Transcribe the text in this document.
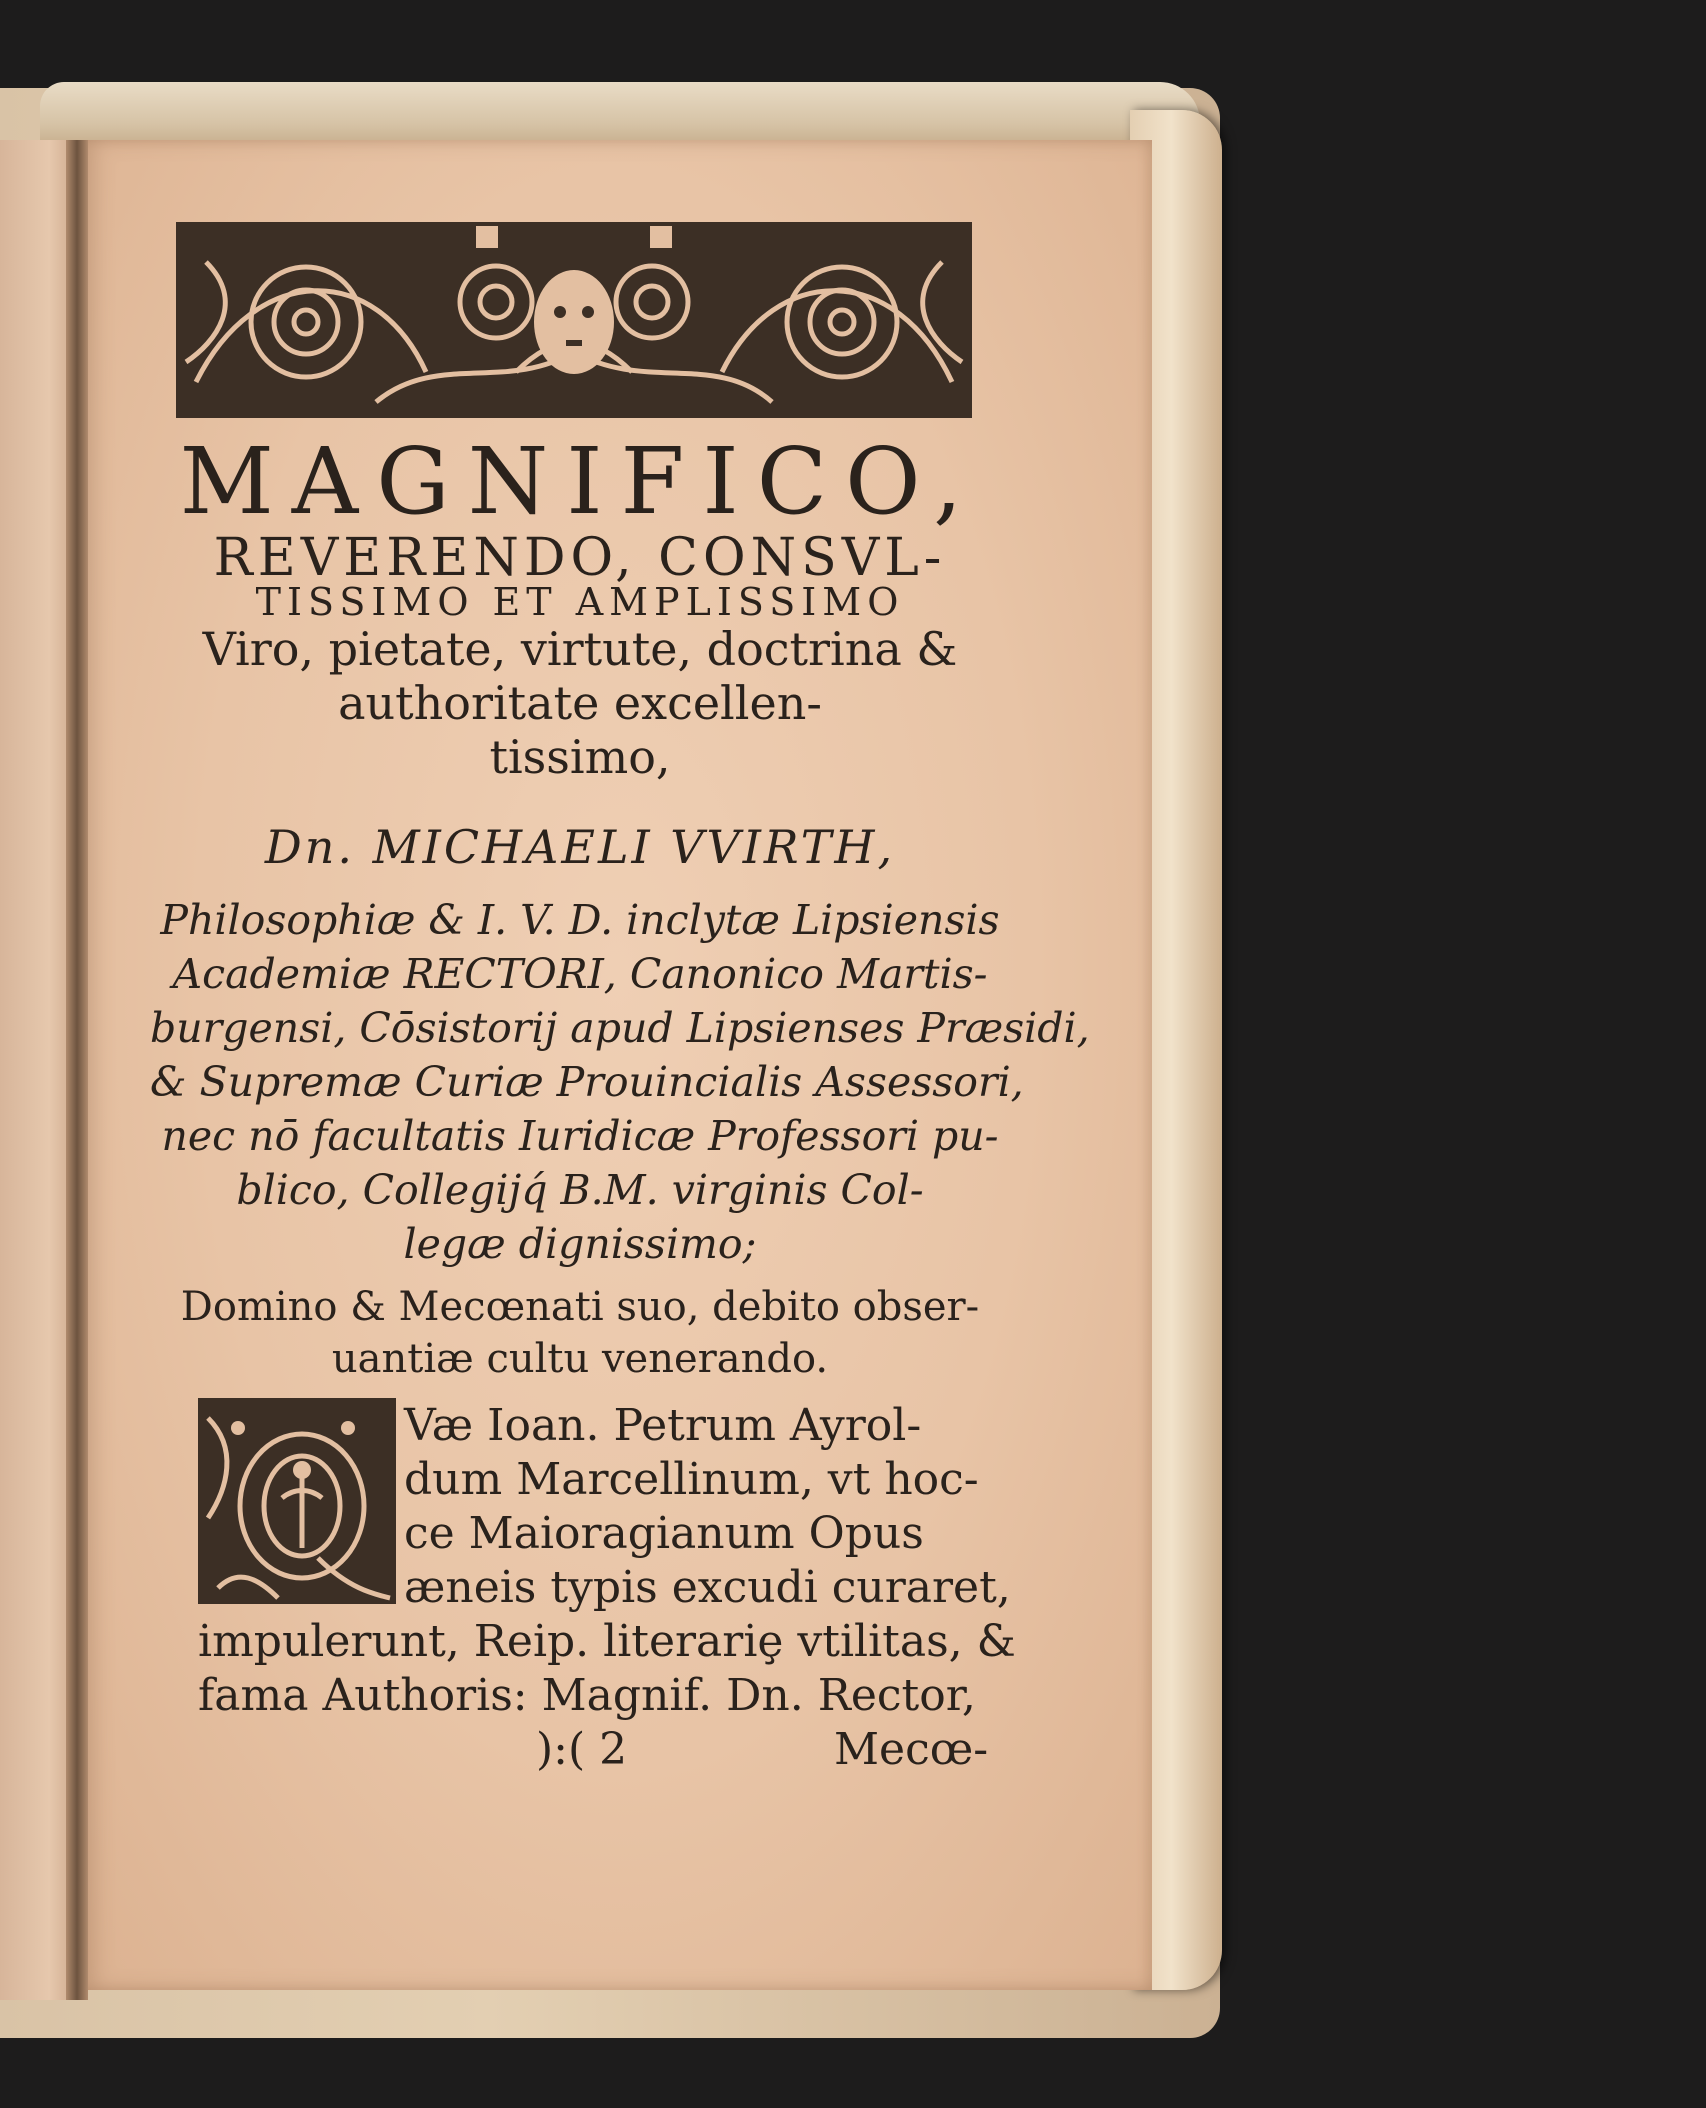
MAGNIFICO,
REVERENDO, CONSVL-
TISSIMO ET AMPLISSIMO
Viro, pietate, virtute, doctrina &
authoritate excellen-
tissimo,
Dn. MICHAELI VVIRTH,
Philosophiæ & I. V. D. inclytæ Lipsiensis
Academiæ RECTORI, Canonico Martis-
burgensi, Cōsistorij apud Lipsienses Præsidi,
& Supremæ Curiæ Prouincialis Assessori,
nec nō facultatis Iuridicæ Professori pu-
blico, Collegijq́ B.M. virginis Col-
legæ dignissimo;
Domino & Mecœnati suo, debito obser-
uantiæ cultu venerando.
Væ Ioan. Petrum Ayrol-
dum Marcellinum, vt hoc-
ce Maioragianum Opus
æneis typis excudi curaret,
impulerunt, Reip. literariȩ vtilitas, &
fama Authoris: Magnif. Dn. Rector,
):( 2	Mecœ-
